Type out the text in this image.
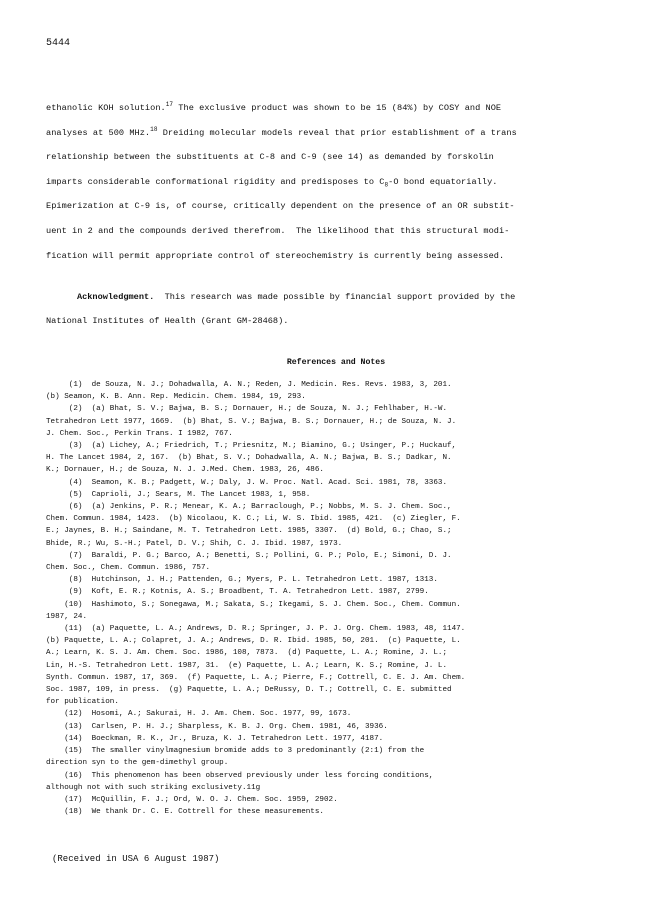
5444
ethanolic KOH solution.$^{17}$ The exclusive product was shown to be 15 (84%) by COSY and NOE
analyses at 500 MHz.$^{18}$ Dreiding molecular models reveal that prior establishment of a trans
relationship between the substituents at C-8 and C-9 (see 14) as demanded by forskolin
imparts considerable conformational rigidity and predisposes to $C_8-O$ bond equatorially.
Epimerization at C-9 is, of course, critically dependent on the presence of an OR substit-
uent in 2 and the compounds derived therefrom.  The likelihood that this structural modi-
fication will permit appropriate control of stereochemistry is currently being assessed.
Acknowledgment.  This research was made possible by financial support provided by the
National Institutes of Health (Grant GM-28468).
References and Notes
(1)  de Souza, N. J.; Dohadwalla, A. N.; Reden, J. Medicin. Res. Revs. 1983, 3, 201.
(b) Seamon, K. B. Ann. Rep. Medicin. Chem. 1984, 19, 293.
(2)  (a) Bhat, S. V.; Bajwa, B. S.; Dornauer, H.; de Souza, N. J.; Fehlhaber, H.-W.
Tetrahedron Lett 1977, 1669.  (b) Bhat, S. V.; Bajwa, B. S.; Dornauer, H.; de Souza, N. J.
J. Chem. Soc., Perkin Trans. I 1982, 767.
(3)  (a) Lichey, A.; Friedrich, T.; Priesnitz, M.; Biamino, G.; Usinger, P.; Huckauf,
H. The Lancet 1984, 2, 167.  (b) Bhat, S. V.; Dohadwalla, A. N.; Bajwa, B. S.; Dadkar, N.
K.; Dornauer, H.; de Souza, N. J. J.Med. Chem. 1983, 26, 486.
(4)  Seamon, K. B.; Padgett, W.; Daly, J. W. Proc. Natl. Acad. Sci. 1981, 78, 3363.
(5)  Caprioli, J.; Sears, M. The Lancet 1983, 1, 958.
(6)  (a) Jenkins, P. R.; Menear, K. A.; Barraclough, P.; Nobbs, M. S. J. Chem. Soc.,
Chem. Commun. 1984, 1423.  (b) Nicolaou, K. C.; Li, W. S. Ibid. 1985, 421.  (c) Ziegler, F.
E.; Jaynes, B. H.; Saindane, M. T. Tetrahedron Lett. 1985, 3307.  (d) Bold, G.; Chao, S.;
Bhide, R.; Wu, S.-H.; Patel, D. V.; Shih, C. J. Ibid. 1987, 1973.
(7)  Baraldi, P. G.; Barco, A.; Benetti, S.; Pollini, G. P.; Polo, E.; Simoni, D. J.
Chem. Soc., Chem. Commun. 1986, 757.
(8)  Hutchinson, J. H.; Pattenden, G.; Myers, P. L. Tetrahedron Lett. 1987, 1313.
(9)  Koft, E. R.; Kotnis, A. S.; Broadbent, T. A. Tetrahedron Lett. 1987, 2799.
(10)  Hashimoto, S.; Sonegawa, M.; Sakata, S.; Ikegami, S. J. Chem. Soc., Chem. Commun.
1987, 24.
(11)  (a) Paquette, L. A.; Andrews, D. R.; Springer, J. P. J. Org. Chem. 1983, 48, 1147.
(b) Paquette, L. A.; Colapret, J. A.; Andrews, D. R. Ibid. 1985, 50, 201.  (c) Paquette, L.
A.; Learn, K. S. J. Am. Chem. Soc. 1986, 108, 7873.  (d) Paquette, L. A.; Romine, J. L.;
Lin, H.-S. Tetrahedron Lett. 1987, 31.  (e) Paquette, L. A.; Learn, K. S.; Romine, J. L.
Synth. Commun. 1987, 17, 369.  (f) Paquette, L. A.; Pierre, F.; Cottrell, C. E. J. Am. Chem.
Soc. 1987, 109, in press.  (g) Paquette, L. A.; DeRussy, D. T.; Cottrell, C. E. submitted
for publication.
(12)  Hosomi, A.; Sakurai, H. J. Am. Chem. Soc. 1977, 99, 1673.
(13)  Carlsen, P. H. J.; Sharpless, K. B. J. Org. Chem. 1981, 46, 3936.
(14)  Boeckman, R. K., Jr., Bruza, K. J. Tetrahedron Lett. 1977, 4187.
(15)  The smaller vinylmagnesium bromide adds to 3 predominantly (2:1) from the
direction syn to the gem-dimethyl group.
(16)  This phenomenon has been observed previously under less forcing conditions,
although not with such striking exclusivety.11g
(17)  McQuillin, F. J.; Ord, W. O. J. Chem. Soc. 1959, 2902.
(18)  We thank Dr. C. E. Cottrell for these measurements.
(Received in USA 6 August 1987)
